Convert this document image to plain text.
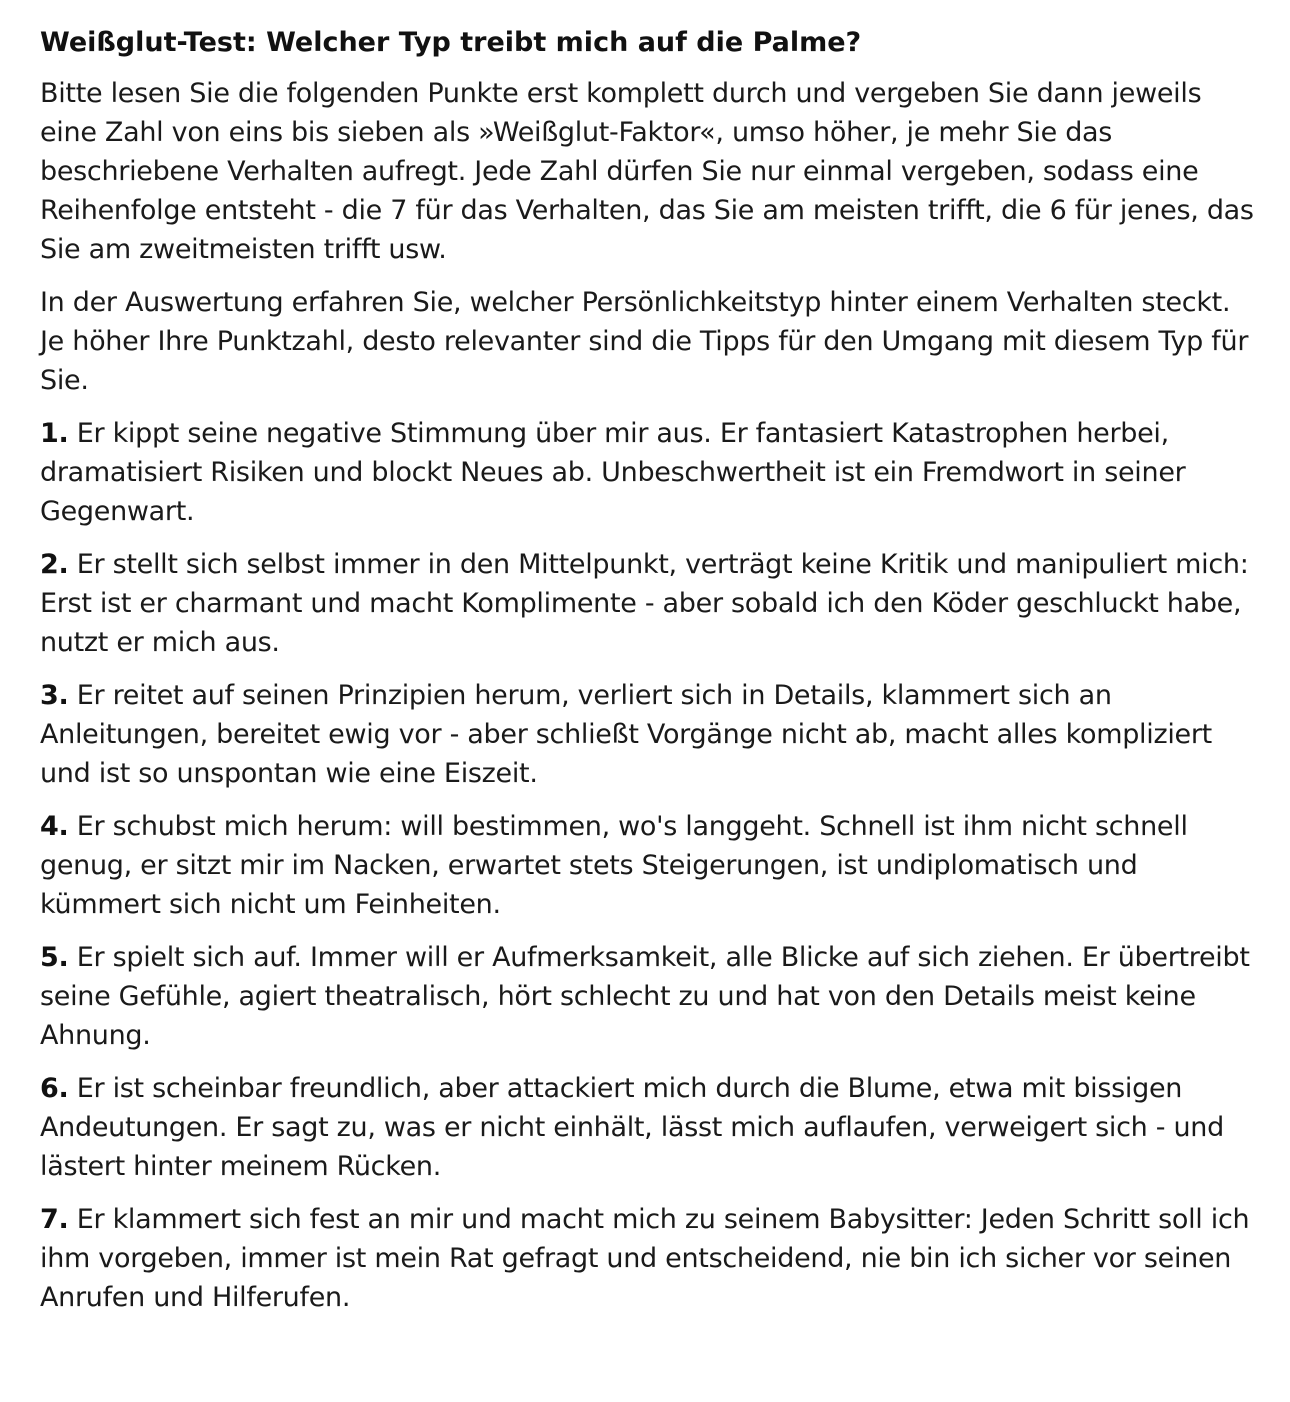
Weißglut-Test: Welcher Typ treibt mich auf die Palme?

Bitte lesen Sie die folgenden Punkte erst komplett durch und vergeben Sie dann jeweils eine Zahl von eins bis sieben als »Weißglut-Faktor«, umso höher, je mehr Sie das beschriebene Verhalten aufregt. Jede Zahl dürfen Sie nur einmal vergeben, sodass eine Reihenfolge entsteht - die 7 für das Verhalten, das Sie am meisten trifft, die 6 für jenes, das Sie am zweitmeisten trifft usw.

In der Auswertung erfahren Sie, welcher Persönlichkeitstyp hinter einem Verhalten steckt. Je höher Ihre Punktzahl, desto relevanter sind die Tipps für den Umgang mit diesem Typ für Sie.

1. Er kippt seine negative Stimmung über mir aus. Er fantasiert Katastrophen herbei, dramatisiert Risiken und blockt Neues ab. Unbeschwertheit ist ein Fremdwort in seiner Gegenwart.

2. Er stellt sich selbst immer in den Mittelpunkt, verträgt keine Kritik und manipuliert mich: Erst ist er charmant und macht Komplimente - aber sobald ich den Köder geschluckt habe, nutzt er mich aus.

3. Er reitet auf seinen Prinzipien herum, verliert sich in Details, klammert sich an Anleitungen, bereitet ewig vor - aber schließt Vorgänge nicht ab, macht alles kompliziert und ist so unspontan wie eine Eiszeit.

4. Er schubst mich herum: will bestimmen, wo's langgeht. Schnell ist ihm nicht schnell genug, er sitzt mir im Nacken, erwartet stets Steigerungen, ist undiplomatisch und kümmert sich nicht um Feinheiten.

5. Er spielt sich auf. Immer will er Aufmerksamkeit, alle Blicke auf sich ziehen. Er übertreibt seine Gefühle, agiert theatralisch, hört schlecht zu und hat von den Details meist keine Ahnung.

6. Er ist scheinbar freundlich, aber attackiert mich durch die Blume, etwa mit bissigen Andeutungen. Er sagt zu, was er nicht einhält, lässt mich auflaufen, verweigert sich - und lästert hinter meinem Rücken.

7. Er klammert sich fest an mir und macht mich zu seinem Babysitter: Jeden Schritt soll ich ihm vorgeben, immer ist mein Rat gefragt und entscheidend, nie bin ich sicher vor seinen Anrufen und Hilferufen.
